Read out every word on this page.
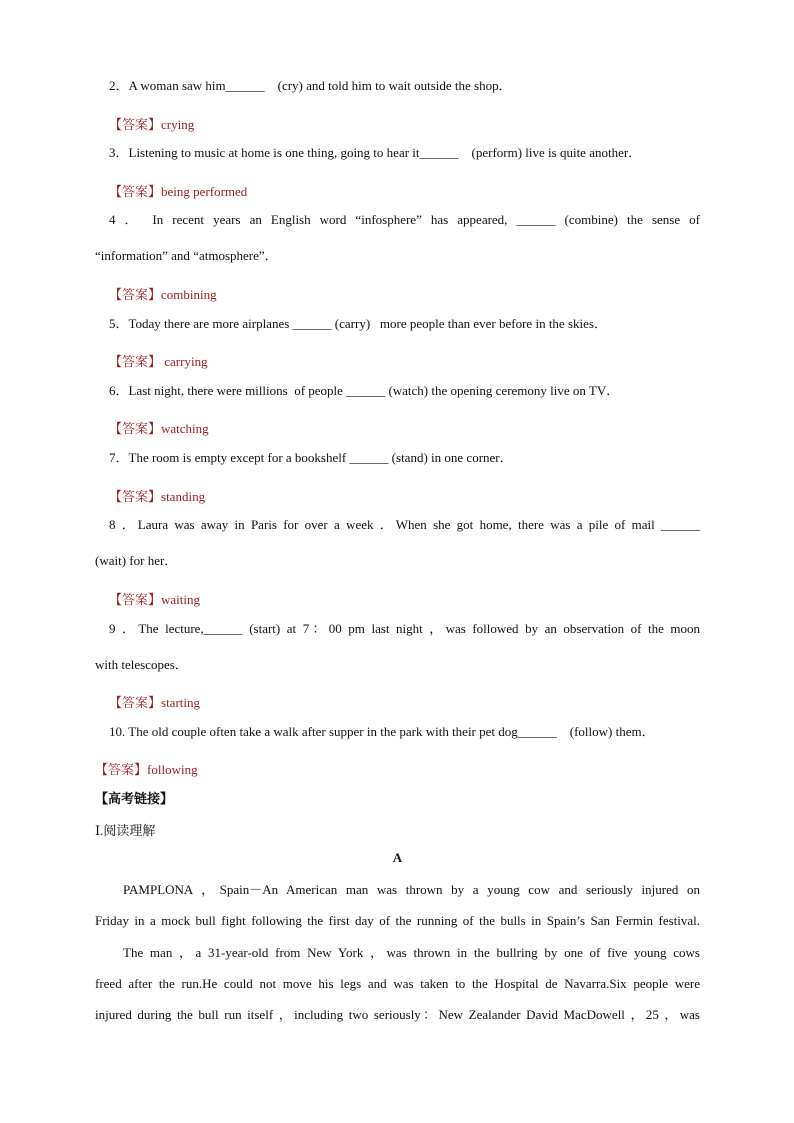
2．A woman saw him______    (cry) and told him to wait outside the shop．
【答案】crying
3．Listening to music at home is one thing, going to hear it______    (perform) live is quite another．
【答案】being performed
4 ． In recent years an English word “infosphere” has appeared, ______ (combine) the sense of
“information” and “atmosphere”．
【答案】combining
5．Today there are more airplanes ______ (carry)   more people than ever before in the skies．
【答案】 carrying
6．Last night, there were millions  of people ______ (watch) the opening ceremony live on TV．
【答案】watching
7．The room is empty except for a bookshelf ______ (stand) in one corner．
【答案】standing
8 ．Laura was away in Paris for over a week ．When she got home, there was a pile of mail ______
(wait) for her．
【答案】waiting
9 ．The lecture,______ (start) at 7：00 pm last night ，was followed by an observation of the moon
with telescopes．
【答案】starting
10. The old couple often take a walk after supper in the park with their pet dog______    (follow) them．
【答案】following
【高考链接】
Ⅰ.阅读理解
A
PAMPLONA ，Spain－An American man was thrown by a young cow and seriously injured on
Friday in a mock bull fight following the first day of the running of the bulls in Spain’s San Fermin festival.
The man ，a 31-year-old from New York ，was thrown in the bullring by one of five young cows
freed after the run.He could not move his legs and was taken to the Hospital de Navarra.Six people were
injured during the bull run itself ，including two seriously：New Zealander David MacDowell ，25 ，was
